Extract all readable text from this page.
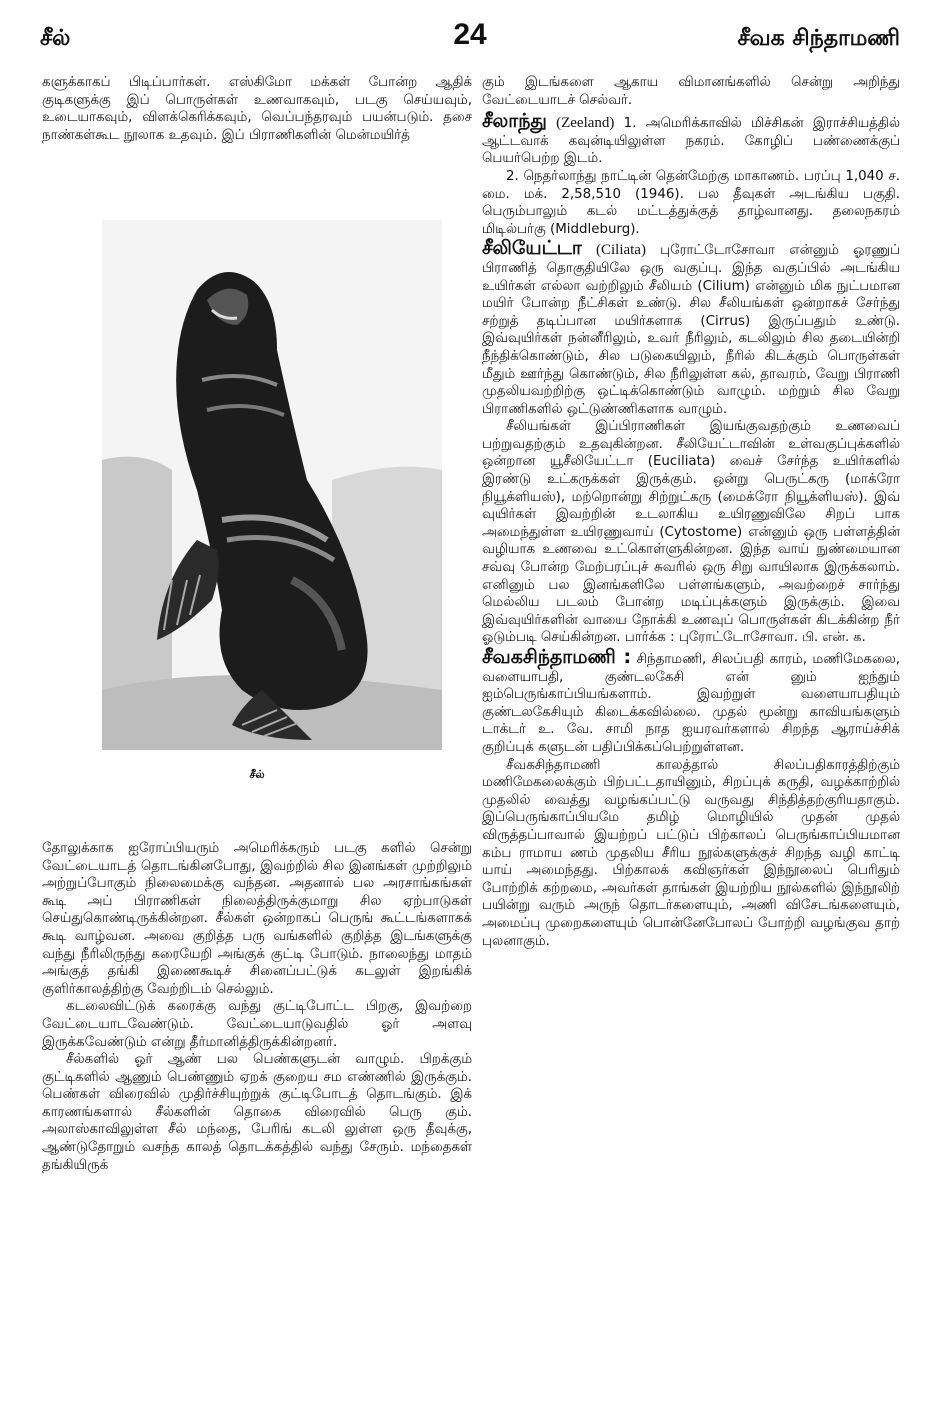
சீல்	24	சீவக சிந்தாமணி

களுக்காகப் பிடிப்பார்கள். எஸ்கிமோ மக்கள் போன்ற ஆதிக் குடிகளுக்கு இப் பொருள்கள் உணவாகவும், படகு செய்யவும், உடையாகவும், விளக்கெரிக்கவும், வெப்பந்தரவும் பயன்படும். தசை நாண்கள்கூட நூலாக உதவும். இப் பிராணிகளின் மென்மயிர்த்

சீல்

தோலுக்காக ஐரோப்பியரும் அமெரிக்கரும் படகு களில் சென்று வேட்டையாடத் தொடங்கினபோது, இவற்றில் சில இனங்கள் முற்றிலும் அற்றுப்போகும் நிலைமைக்கு வந்தன. அதனால் பல அரசாங்கங்கள் கூடி அப் பிராணிகள் நிலைத்திருக்குமாறு சில ஏற்பாடுகள் செய்துகொண்டிருக்கின்றன. சீல்கள் ஒன்றாகப் பெருங் கூட்டங்களாகக் கூடி வாழ்வன. அவை குறித்த பரு வங்களில் குறித்த இடங்களுக்கு வந்து நீரிலிருந்து கரையேறி அங்குக் குட்டி போடும். நாலைந்து மாதம் அங்குத் தங்கி இணைகூடிச் சினைப்பட்டுக் கடலுள் இறங்கிக் குளிர்காலத்திற்கு வேற்றிடம் செல்லும்.

கடலைவிட்டுக் கரைக்கு வந்து குட்டிபோட்ட பிறகு, இவற்றை வேட்டையாடவேண்டும். வேட்டையாடுவதில் ஓர் அளவு இருக்கவேண்டும் என்று தீர்மானித்திருக்கின்றனர்.

சீல்களில் ஓர் ஆண் பல பெண்களுடன் வாழும். பிறக்கும் குட்டிகளில் ஆணும் பெண்ணும் ஏறக் குறைய சம எண்ணில் இருக்கும். பெண்கள் விரைவில் முதிர்ச்சியுற்றுக் குட்டிபோடத் தொடங்கும். இக் காரணங்களால் சீல்களின் தொகை விரைவில் பெரு கும். அலாஸ்காவிலுள்ள சீல் மந்தை, பேரிங் கடலி லுள்ள ஒரு தீவுக்கு, ஆண்டுதோறும் வசந்த காலத் தொடக்கத்தில் வந்து சேரும். மந்தைகள் தங்கியிருக்

கும் இடங்களை ஆகாய விமானங்களில் சென்று அறிந்து வேட்டையாடச் செல்வர்.

சீலாந்து (Zeeland) 1. அமெரிக்காவில் மிச்சிகன் இராச்சியத்தில் ஆட்டவாக் கவுன்டியிலுள்ள நகரம். கோழிப் பண்ணைக்குப் பெயர்பெற்ற இடம்.

2. நெதர்லாந்து நாட்டின் தென்மேற்கு மாகாணம். பரப்பு 1,040 ச. மை. மக். 2,58,510 (1946). பல தீவுகள் அடங்கிய பகுதி. பெரும்பாலும் கடல் மட்டத்துக்குத் தாழ்வானது. தலைநகரம் மிடில்பர்கு (Middleburg).

சீலியேட்டா (Ciliata) புரோட்டோசோவா என்னும் ஓரணுப் பிராணித் தொகுதியிலே ஒரு வகுப்பு. இந்த வகுப்பில் அடங்கிய உயிர்கள் எல்லா வற்றிலும் சீலியம் (Cilium) என்னும் மிக நுட்பமான மயிர் போன்ற நீட்சிகள் உண்டு. சில சீலியங்கள் ஒன்றாகச் சேர்ந்து சற்றுத் தடிப்பான மயிர்களாக (Cirrus) இருப்பதும் உண்டு. இவ்வுயிர்கள் நன்னீரிலும், உவர் நீரிலும், கடலிலும் சில தடையின்றி நீந்திக்கொண்டும், சில படுகையிலும், நீரில் கிடக்கும் பொருள்கள் மீதும் ஊர்ந்து கொண்டும், சில நீரிலுள்ள கல், தாவரம், வேறு பிராணி முதலியவற்றிற்கு ஒட்டிக்கொண்டும் வாழும். மற்றும் சில வேறு பிராணிகளில் ஒட்டுண்ணிகளாக வாழும்.

சீலியங்கள் இப்பிராணிகள் இயங்குவதற்கும் உணவைப் பற்றுவதற்கும் உதவுகின்றன. சீலியேட்டாவின் உள்வகுப்புக்களில் ஒன்றான யூசீலியேட்டா (Euciliata) வைச் சேர்ந்த உயிர்களில் இரண்டு உட்கருக்கள் இருக்கும். ஒன்று பெருட்கரு (மாக்ரோ நியூக்ளியஸ்), மற்றொன்று சிற்றுட்கரு (மைக்ரோ நியூக்ளியஸ்). இவ் வுயிர்கள் இவற்றின் உடலாகிய உயிரணுவிலே சிறப் பாக அமைந்துள்ள உயிரணுவாய் (Cytostome) என்னும் ஒரு பள்ளத்தின் வழியாக உணவை உட்கொள்ளுகின்றன. இந்த வாய் நுண்மையான சவ்வு போன்ற மேற்பரப்புச் சுவரில் ஒரு சிறு வாயிலாக இருக்கலாம். எனினும் பல இனங்களிலே பள்ளங்களும், அவற்றைச் சார்ந்து மெல்லிய படலம் போன்ற மடிப்புக்களும் இருக்கும். இவை இவ்வுயிர்களின் வாயை நோக்கி உணவுப் பொருள்கள் கிடக்கின்ற நீர் ஓடும்படி செய்கின்றன. பார்க்க : புரோட்டோசோவா. பி. என். க.

சீவகசிந்தாமணி : சிந்தாமணி, சிலப்பதி காரம், மணிமேகலை, வளையாபதி, குண்டலகேசி என் னும் ஐந்தும் ஐம்பெருங்காப்பியங்களாம். இவற்றுள் வளையாபதியும் குண்டலகேசியும் கிடைக்கவில்லை. முதல் மூன்று காவியங்களும் டாக்டர் உ. வே. சாமி நாத ஐயரவர்களால் சிறந்த ஆராய்ச்சிக் குறிப்புக் களுடன் பதிப்பிக்கப்பெற்றுள்ளன.

சீவகசிந்தாமணி காலத்தால் சிலப்பதிகாரத்திற்கும் மணிமேகலைக்கும் பிற்பட்டதாயினும், சிறப்புக் கருதி, வழக்காற்றில் முதலில் வைத்து வழங்கப்பட்டு வருவது சிந்தித்தற்குரியதாகும். இப்பெருங்காப்பியமே தமிழ் மொழியில் முதன் முதல் விருத்தப்பாவால் இயற்றப் பட்டுப் பிற்காலப் பெருங்காப்பியமான கம்ப ராமாய ணம் முதலிய சீரிய நூல்களுக்குச் சிறந்த வழி காட்டி யாய் அமைந்தது. பிற்காலக் கவிஞர்கள் இந்நூலைப் பெரிதும் போற்றிக் கற்றமை, அவர்கள் தாங்கள் இயற்றிய நூல்களில் இந்நூலிற் பயின்று வரும் அருந் தொடர்களையும், அணி விசேடங்களையும், அமைப்பு முறைகளையும் பொன்னேபோலப் போற்றி வழங்குவ தாற் புலனாகும்.
